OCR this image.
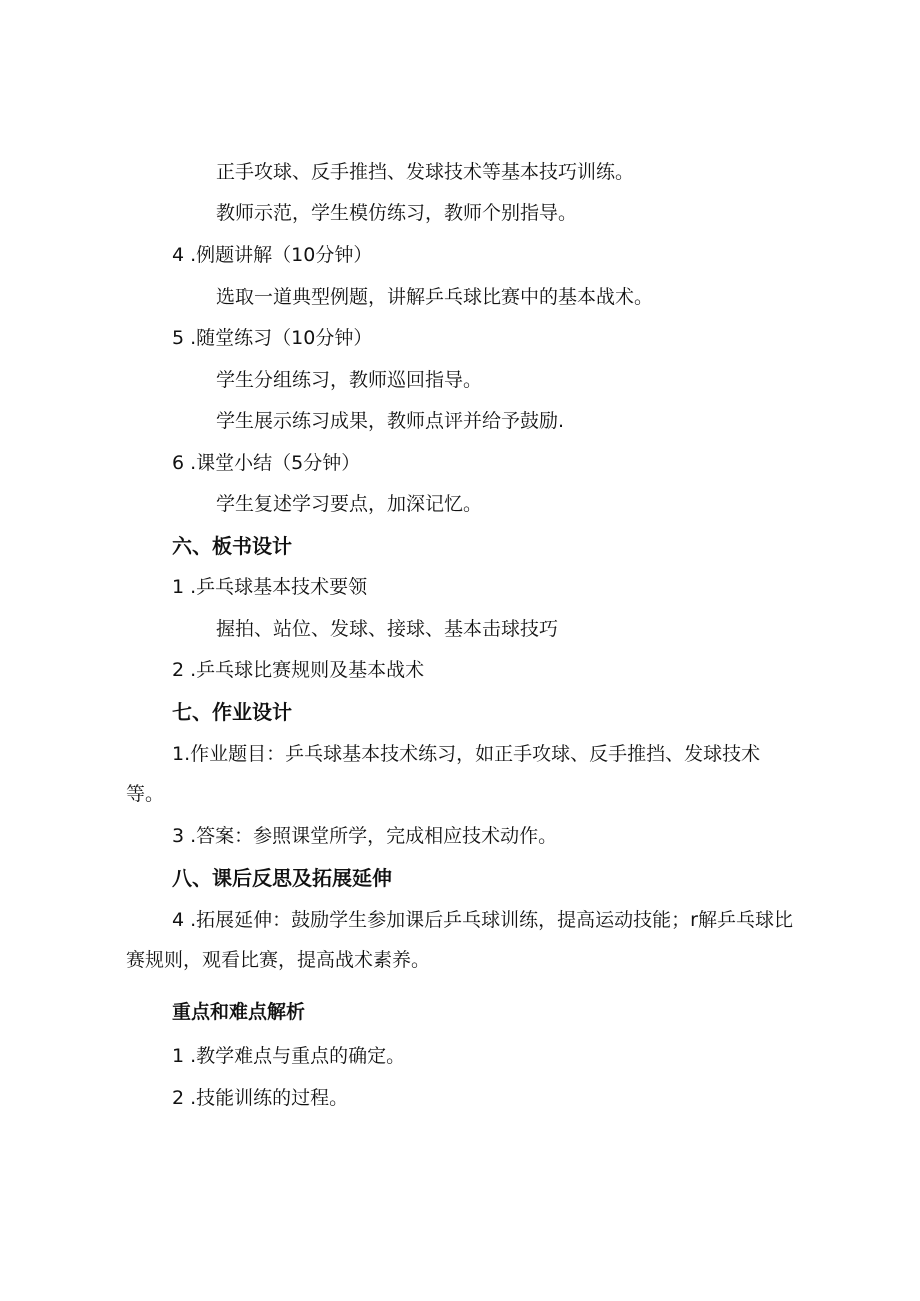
正手攻球、反手推挡、发球技术等基本技巧训练。
教师示范，学生模仿练习，教师个别指导。
4 .例题讲解（10分钟）
选取一道典型例题，讲解乒乓球比赛中的基本战术。
5 .随堂练习（10分钟）
学生分组练习，教师巡回指导。
学生展示练习成果，教师点评并给予鼓励.
6 .课堂小结（5分钟）
学生复述学习要点，加深记忆。
六、板书设计
1 .乒乓球基本技术要领
握拍、站位、发球、接球、基本击球技巧
2 .乒乓球比赛规则及基本战术
七、作业设计
1.作业题目：乒乓球基本技术练习，如正手攻球、反手推挡、发球技术等。
3 .答案：参照课堂所学，完成相应技术动作。
八、课后反思及拓展延伸
4 .拓展延伸：鼓励学生参加课后乒乓球训练，提高运动技能；r解乒乓球比赛规则，观看比赛，提高战术素养。
重点和难点解析
1 .教学难点与重点的确定。
2 .技能训练的过程。
